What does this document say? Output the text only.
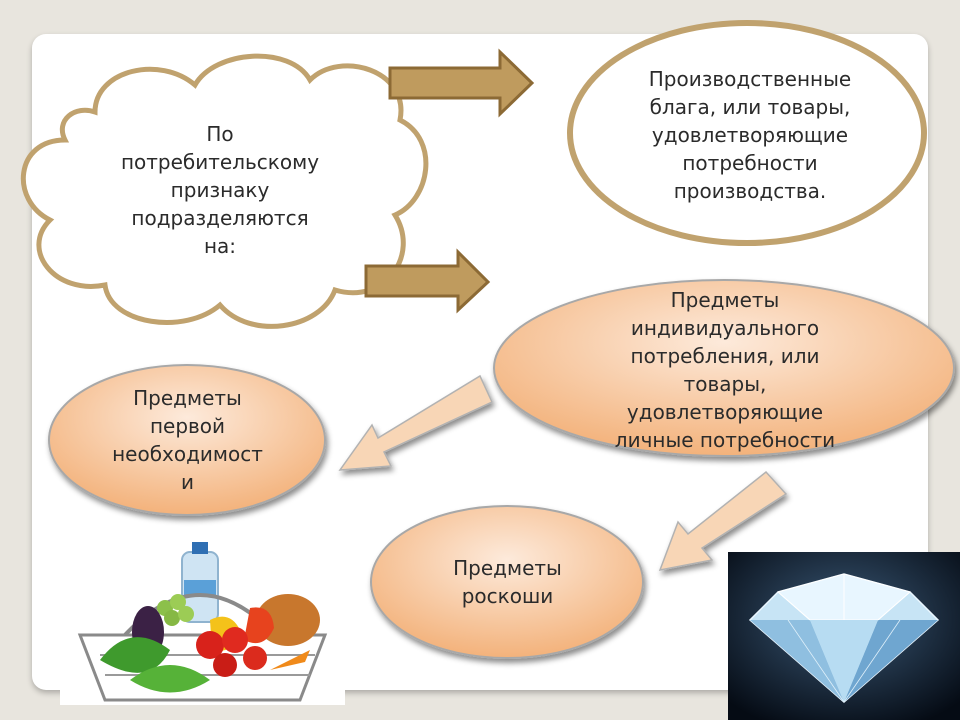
По
потребительскому
признаку
подразделяются
на:
Производственные
блага, или товары,
удовлетворяющие
потребности
производства.
Предметы
индивидуального
потребления, или
товары,
удовлетворяющие
личные потребности
Предметы
первой
необходимост
и
Предметы
роскоши
